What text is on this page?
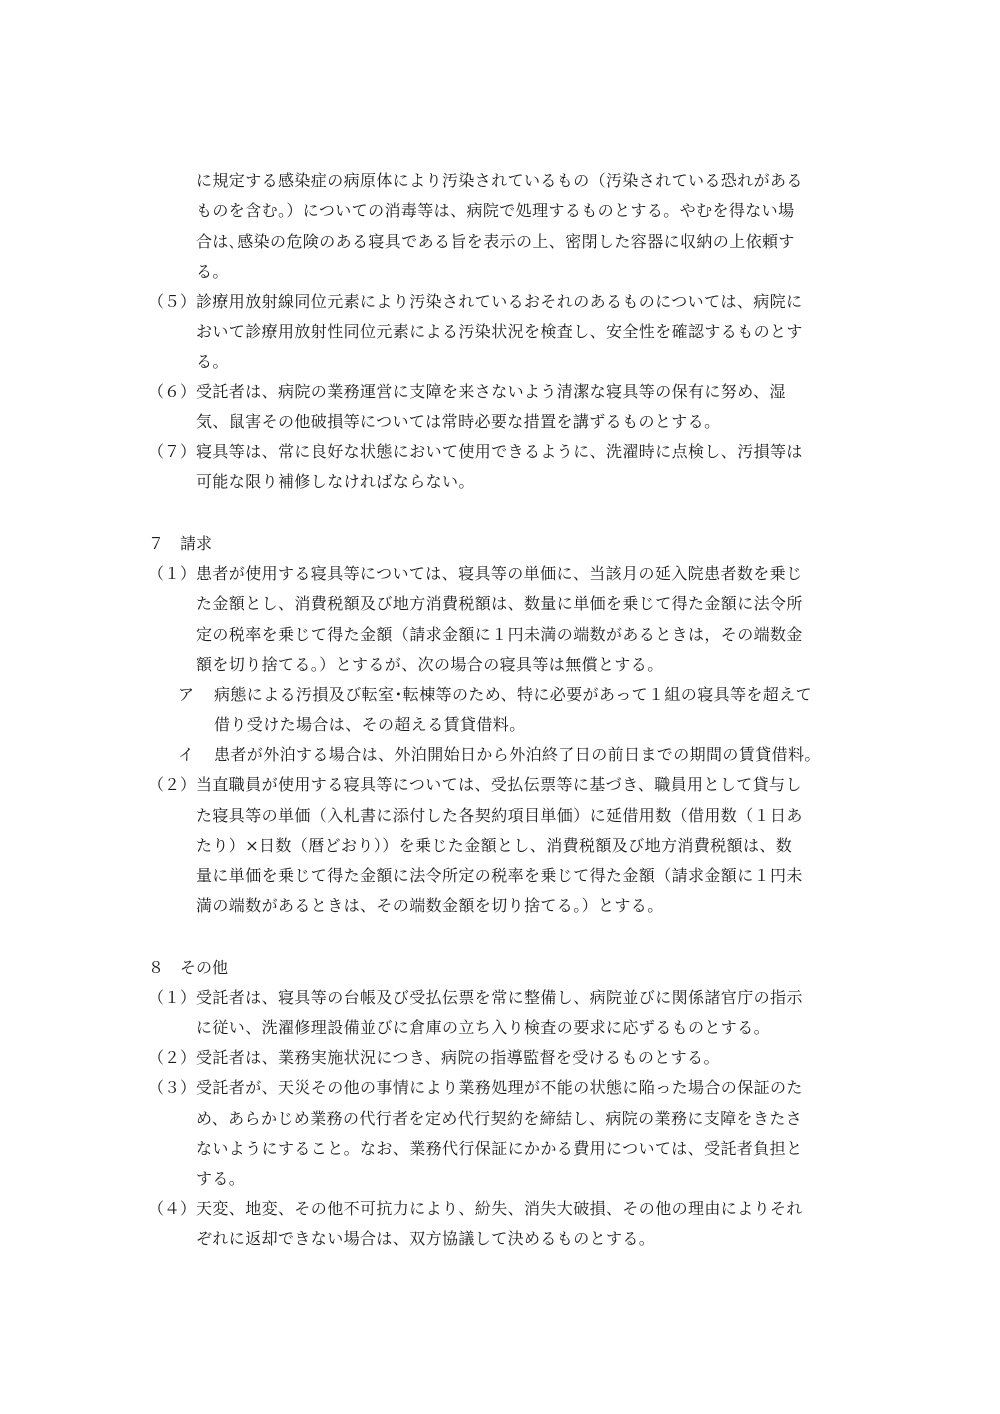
に規定する感染症の病原体により汚染されているもの（汚染されている恐れがある
ものを含む。）についての消毒等は、病院で処理するものとする。やむを得ない場
合は､感染の危険のある寝具である旨を表示の上、密閉した容器に収納の上依頼す
る。
（５） 診療用放射線同位元素により汚染されているおそれのあるものについては、病院に
おいて診療用放射性同位元素による汚染状況を検査し、安全性を確認するものとす
る。
（６） 受託者は、病院の業務運営に支障を来さないよう清潔な寝具等の保有に努め、湿
気、鼠害その他破損等については常時必要な措置を講ずるものとする。
（７） 寝具等は、常に良好な状態において使用できるように、洗濯時に点検し、汚損等は
可能な限り補修しなければならない。
７　請求
（１） 患者が使用する寝具等については、寝具等の単価に、当該月の延入院患者数を乗じ
た金額とし、消費税額及び地方消費税額は、数量に単価を乗じて得た金額に法令所
定の税率を乗じて得た金額（請求金額に１円未満の端数があるときは，その端数金
額を切り捨てる。）とするが、次の場合の寝具等は無償とする。
ア 病態による汚損及び転室･転棟等のため、特に必要があって１組の寝具等を超えて
借り受けた場合は、その超える賃貸借料。
イ 患者が外泊する場合は、外泊開始日から外泊終了日の前日までの期間の賃貸借料。
（２） 当直職員が使用する寝具等については、受払伝票等に基づき、職員用として貸与し
た寝具等の単価（入札書に添付した各契約項目単価）に延借用数（借用数（１日あ
たり）×日数（暦どおり））を乗じた金額とし、消費税額及び地方消費税額は、数
量に単価を乗じて得た金額に法令所定の税率を乗じて得た金額（請求金額に１円未
満の端数があるときは、その端数金額を切り捨てる。）とする。
８　その他
（１） 受託者は、寝具等の台帳及び受払伝票を常に整備し、病院並びに関係諸官庁の指示
に従い、洗濯修理設備並びに倉庫の立ち入り検査の要求に応ずるものとする。
（２） 受託者は、業務実施状況につき、病院の指導監督を受けるものとする。
（３） 受託者が、天災その他の事情により業務処理が不能の状態に陥った場合の保証のた
め、あらかじめ業務の代行者を定め代行契約を締結し、病院の業務に支障をきたさ
ないようにすること。なお、業務代行保証にかかる費用については、受託者負担と
する。
（４） 天変、地変、その他不可抗力により、紛失、消失大破損、その他の理由によりそれ
ぞれに返却できない場合は、双方協議して決めるものとする。
